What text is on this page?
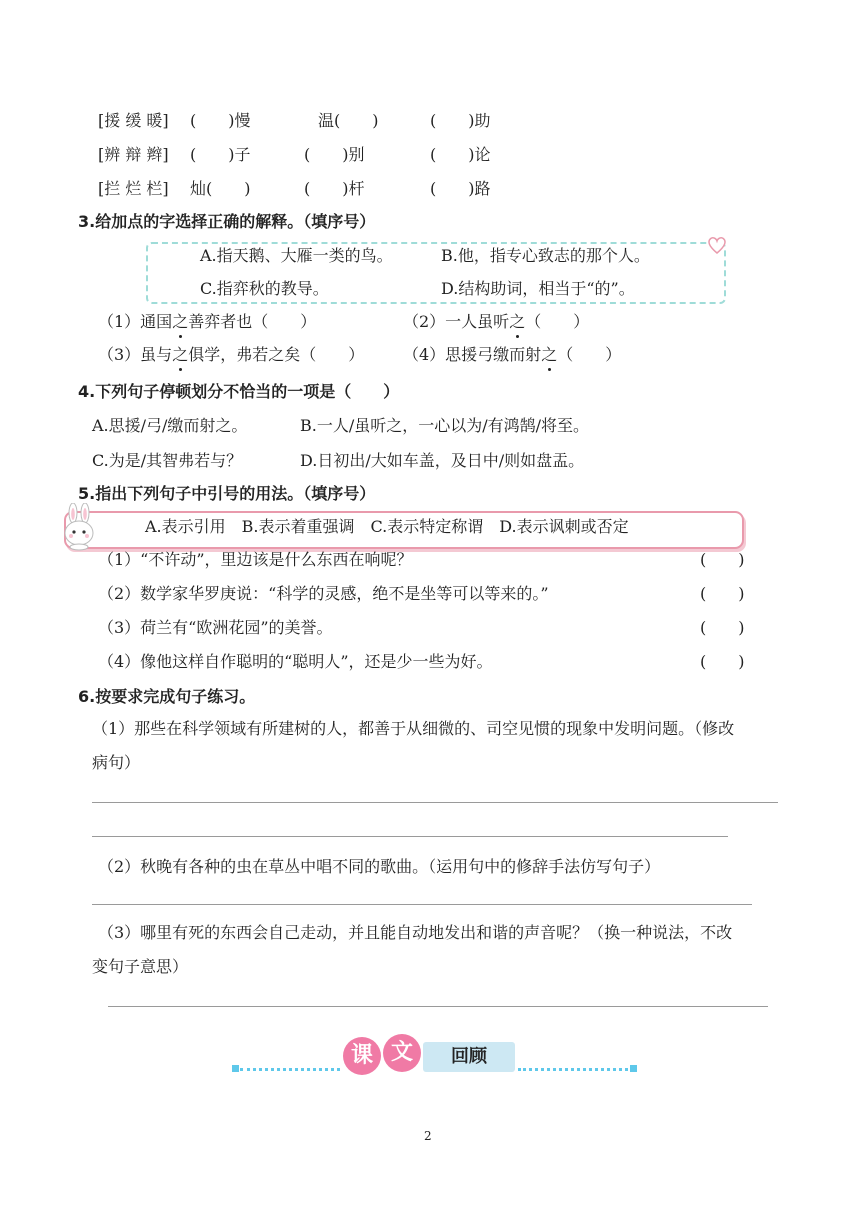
[援 缓 暖] (　　)慢	温(　　)	(　　)助
[辨 辩 辫] (　　)子	(　　)别	(　　)论
[拦 烂 栏] 灿(　　)	(　　)杆	(　　)路
3.给加点的字选择正确的解释。（填序号）
A.指天鹅、大雁一类的鸟。	B.他，指专心致志的那个人。
C.指弈秋的教导。	D.结构助词，相当于“的”。
（1）通国之善弈者也（　　）	（2）一人虽听之（　　）
（3）虽与之俱学，弗若之矣（　　） （4）思援弓缴而射之（　　）
4.下列句子停顿划分不恰当的一项是（　　）
A.思援/弓/缴而射之。	B.一人/虽听之，一心以为/有鸿鹄/将至。
C.为是/其智弗若与？	D.日初出/大如车盖，及日中/则如盘盂。
5.指出下列句子中引号的用法。（填序号）
A.表示引用　B.表示着重强调　C.表示特定称谓　D.表示讽刺或否定
（1）“不许动”，里边该是什么东西在响呢？	(　　)
（2）数学家华罗庚说：“科学的灵感，绝不是坐等可以等来的。”	(　　)
（3）荷兰有“欧洲花园”的美誉。	(　　)
（4）像他这样自作聪明的“聪明人”，还是少一些为好。	(　　)
6.按要求完成句子练习。
（1）那些在科学领域有所建树的人，都善于从细微的、司空见惯的现象中发明问题。（修改
病句）
（2）秋晚有各种的虫在草丛中唱不同的歌曲。（运用句中的修辞手法仿写句子）
（3）哪里有死的东西会自己走动，并且能自动地发出和谐的声音呢？（换一种说法，不改
变句子意思）
课 文	回顾
2
